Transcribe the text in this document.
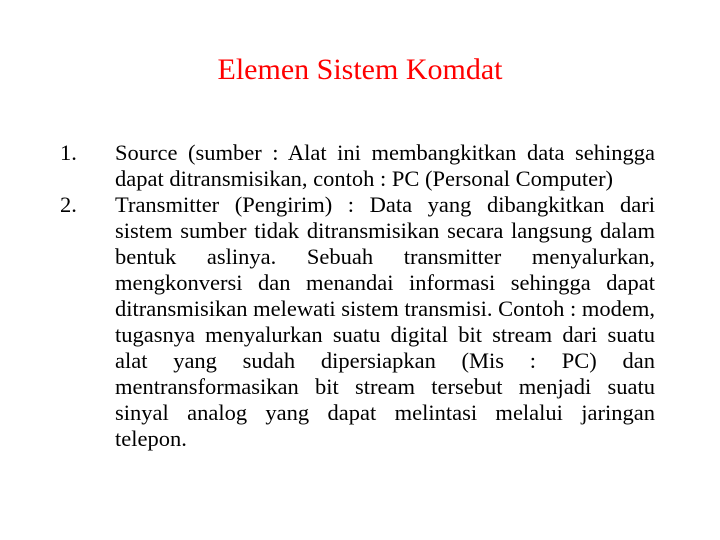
Elemen Sistem Komdat
1.	Source (sumber : Alat ini membangkitkan data sehingga dapat ditransmisikan, contoh : PC (Personal Computer)
2.	Transmitter (Pengirim) : Data yang dibangkitkan dari sistem sumber tidak ditransmisikan secara langsung dalam bentuk aslinya. Sebuah transmitter menyalurkan, mengkonversi dan menandai informasi sehingga dapat ditransmisikan melewati sistem transmisi. Contoh : modem, tugasnya menyalurkan suatu digital bit stream dari suatu alat yang sudah dipersiapkan (Mis : PC) dan mentransformasikan bit stream tersebut menjadi suatu sinyal analog yang dapat melintasi melalui jaringan telepon.
